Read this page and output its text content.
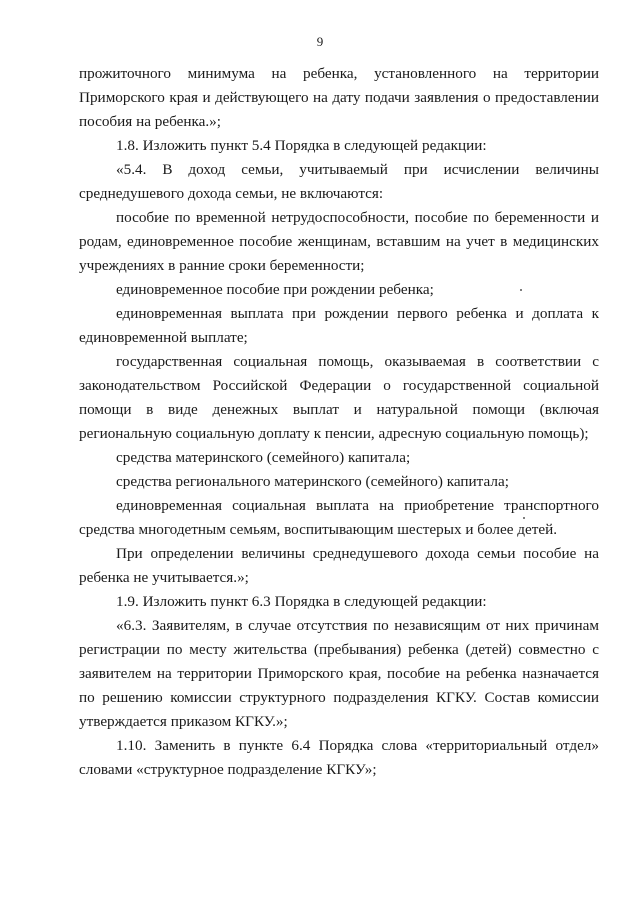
9

прожиточного минимума на ребенка, установленного на территории Приморского края и действующего на дату подачи заявления о предоставлении пособия на ребенка.»;

1.8. Изложить пункт 5.4 Порядка в следующей редакции:

«5.4. В доход семьи, учитываемый при исчислении величины среднедушевого дохода семьи, не включаются:

пособие по временной нетрудоспособности, пособие по беременности и родам, единовременное пособие женщинам, вставшим на учет в медицинских учреждениях в ранние сроки беременности;

единовременное пособие при рождении ребенка;

единовременная выплата при рождении первого ребенка и доплата к единовременной выплате;

государственная социальная помощь, оказываемая в соответствии с законодательством Российской Федерации о государственной социальной помощи в виде денежных выплат и натуральной помощи (включая региональную социальную доплату к пенсии, адресную социальную помощь);

средства материнского (семейного) капитала;

средства регионального материнского (семейного) капитала;

единовременная социальная выплата на приобретение транспортного средства многодетным семьям, воспитывающим шестерых и более детей.

При определении величины среднедушевого дохода семьи пособие на ребенка не учитывается.»;

1.9. Изложить пункт 6.3 Порядка в следующей редакции:

«6.3. Заявителям, в случае отсутствия по независящим от них причинам регистрации по месту жительства (пребывания) ребенка (детей) совместно с заявителем на территории Приморского края, пособие на ребенка назначается по решению комиссии структурного подразделения КГКУ. Состав комиссии утверждается приказом КГКУ.»;

1.10. Заменить в пункте 6.4 Порядка слова «территориальный отдел» словами «структурное подразделение КГКУ»;
